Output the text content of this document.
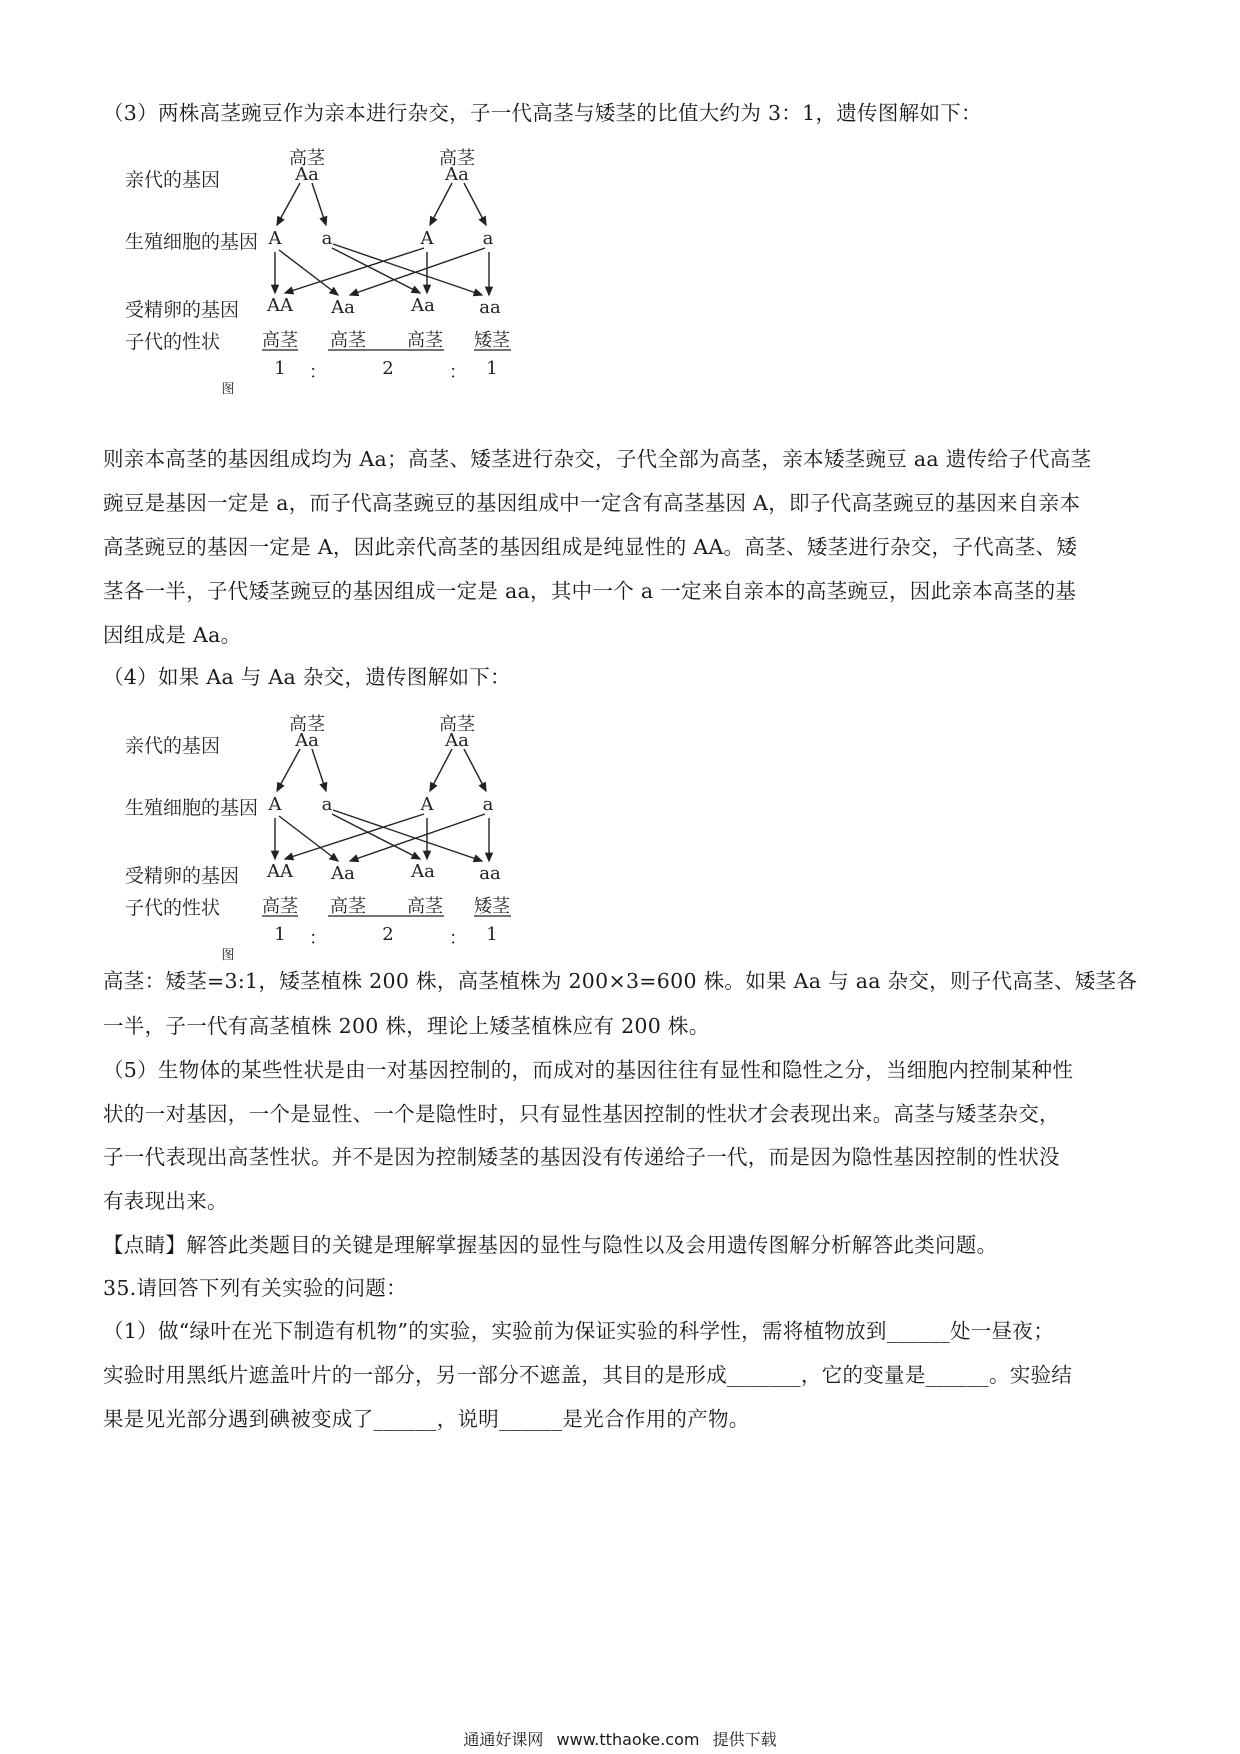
（3）两株高茎豌豆作为亲本进行杂交，子一代高茎与矮茎的比值大约为 3：1，遗传图解如下：
亲代的基因
生殖细胞的基因
受精卵的基因
子代的性状
高茎
Aa
高茎
Aa
A a	A	a
AA Aa	Aa aa
高茎 高茎 高茎 矮茎
1 ：	2	： 1
图
则亲本高茎的基因组成均为 Aa；高茎、矮茎进行杂交，子代全部为高茎，亲本矮茎豌豆 aa 遗传给子代高茎
豌豆是基因一定是 a，而子代高茎豌豆的基因组成中一定含有高茎基因 A，即子代高茎豌豆的基因来自亲本
高茎豌豆的基因一定是 A，因此亲代高茎的基因组成是纯显性的 AA。高茎、矮茎进行杂交，子代高茎、矮
茎各一半，子代矮茎豌豆的基因组成一定是 aa，其中一个 a 一定来自亲本的高茎豌豆，因此亲本高茎的基
因组成是 Aa。
（4）如果 Aa 与 Aa 杂交，遗传图解如下：
亲代的基因
生殖细胞的基因
受精卵的基因
子代的性状
高茎
Aa
高茎
Aa
A a	A	a
AA Aa	Aa aa
高茎 高茎 高茎 矮茎
1 ：	2	： 1
图
高茎：矮茎=3:1，矮茎植株 200 株，高茎植株为 200×3=600 株。如果 Aa 与 aa 杂交，则子代高茎、矮茎各
一半，子一代有高茎植株 200 株，理论上矮茎植株应有 200 株。
（5）生物体的某些性状是由一对基因控制的，而成对的基因往往有显性和隐性之分，当细胞内控制某种性
状的一对基因，一个是显性、一个是隐性时，只有显性基因控制的性状才会表现出来。高茎与矮茎杂交，
子一代表现出高茎性状。并不是因为控制矮茎的基因没有传递给子一代，而是因为隐性基因控制的性状没
有表现出来。
【点睛】解答此类题目的关键是理解掌握基因的显性与隐性以及会用遗传图解分析解答此类问题。
35.请回答下列有关实验的问题：
（1）做“绿叶在光下制造有机物”的实验，实验前为保证实验的科学性，需将植物放到______处一昼夜；
实验时用黑纸片遮盖叶片的一部分，另一部分不遮盖，其目的是形成_______，它的变量是______。实验结
果是见光部分遇到碘被变成了______，说明______是光合作用的产物。
通通好课网 www.tthaoke.com 提供下载
